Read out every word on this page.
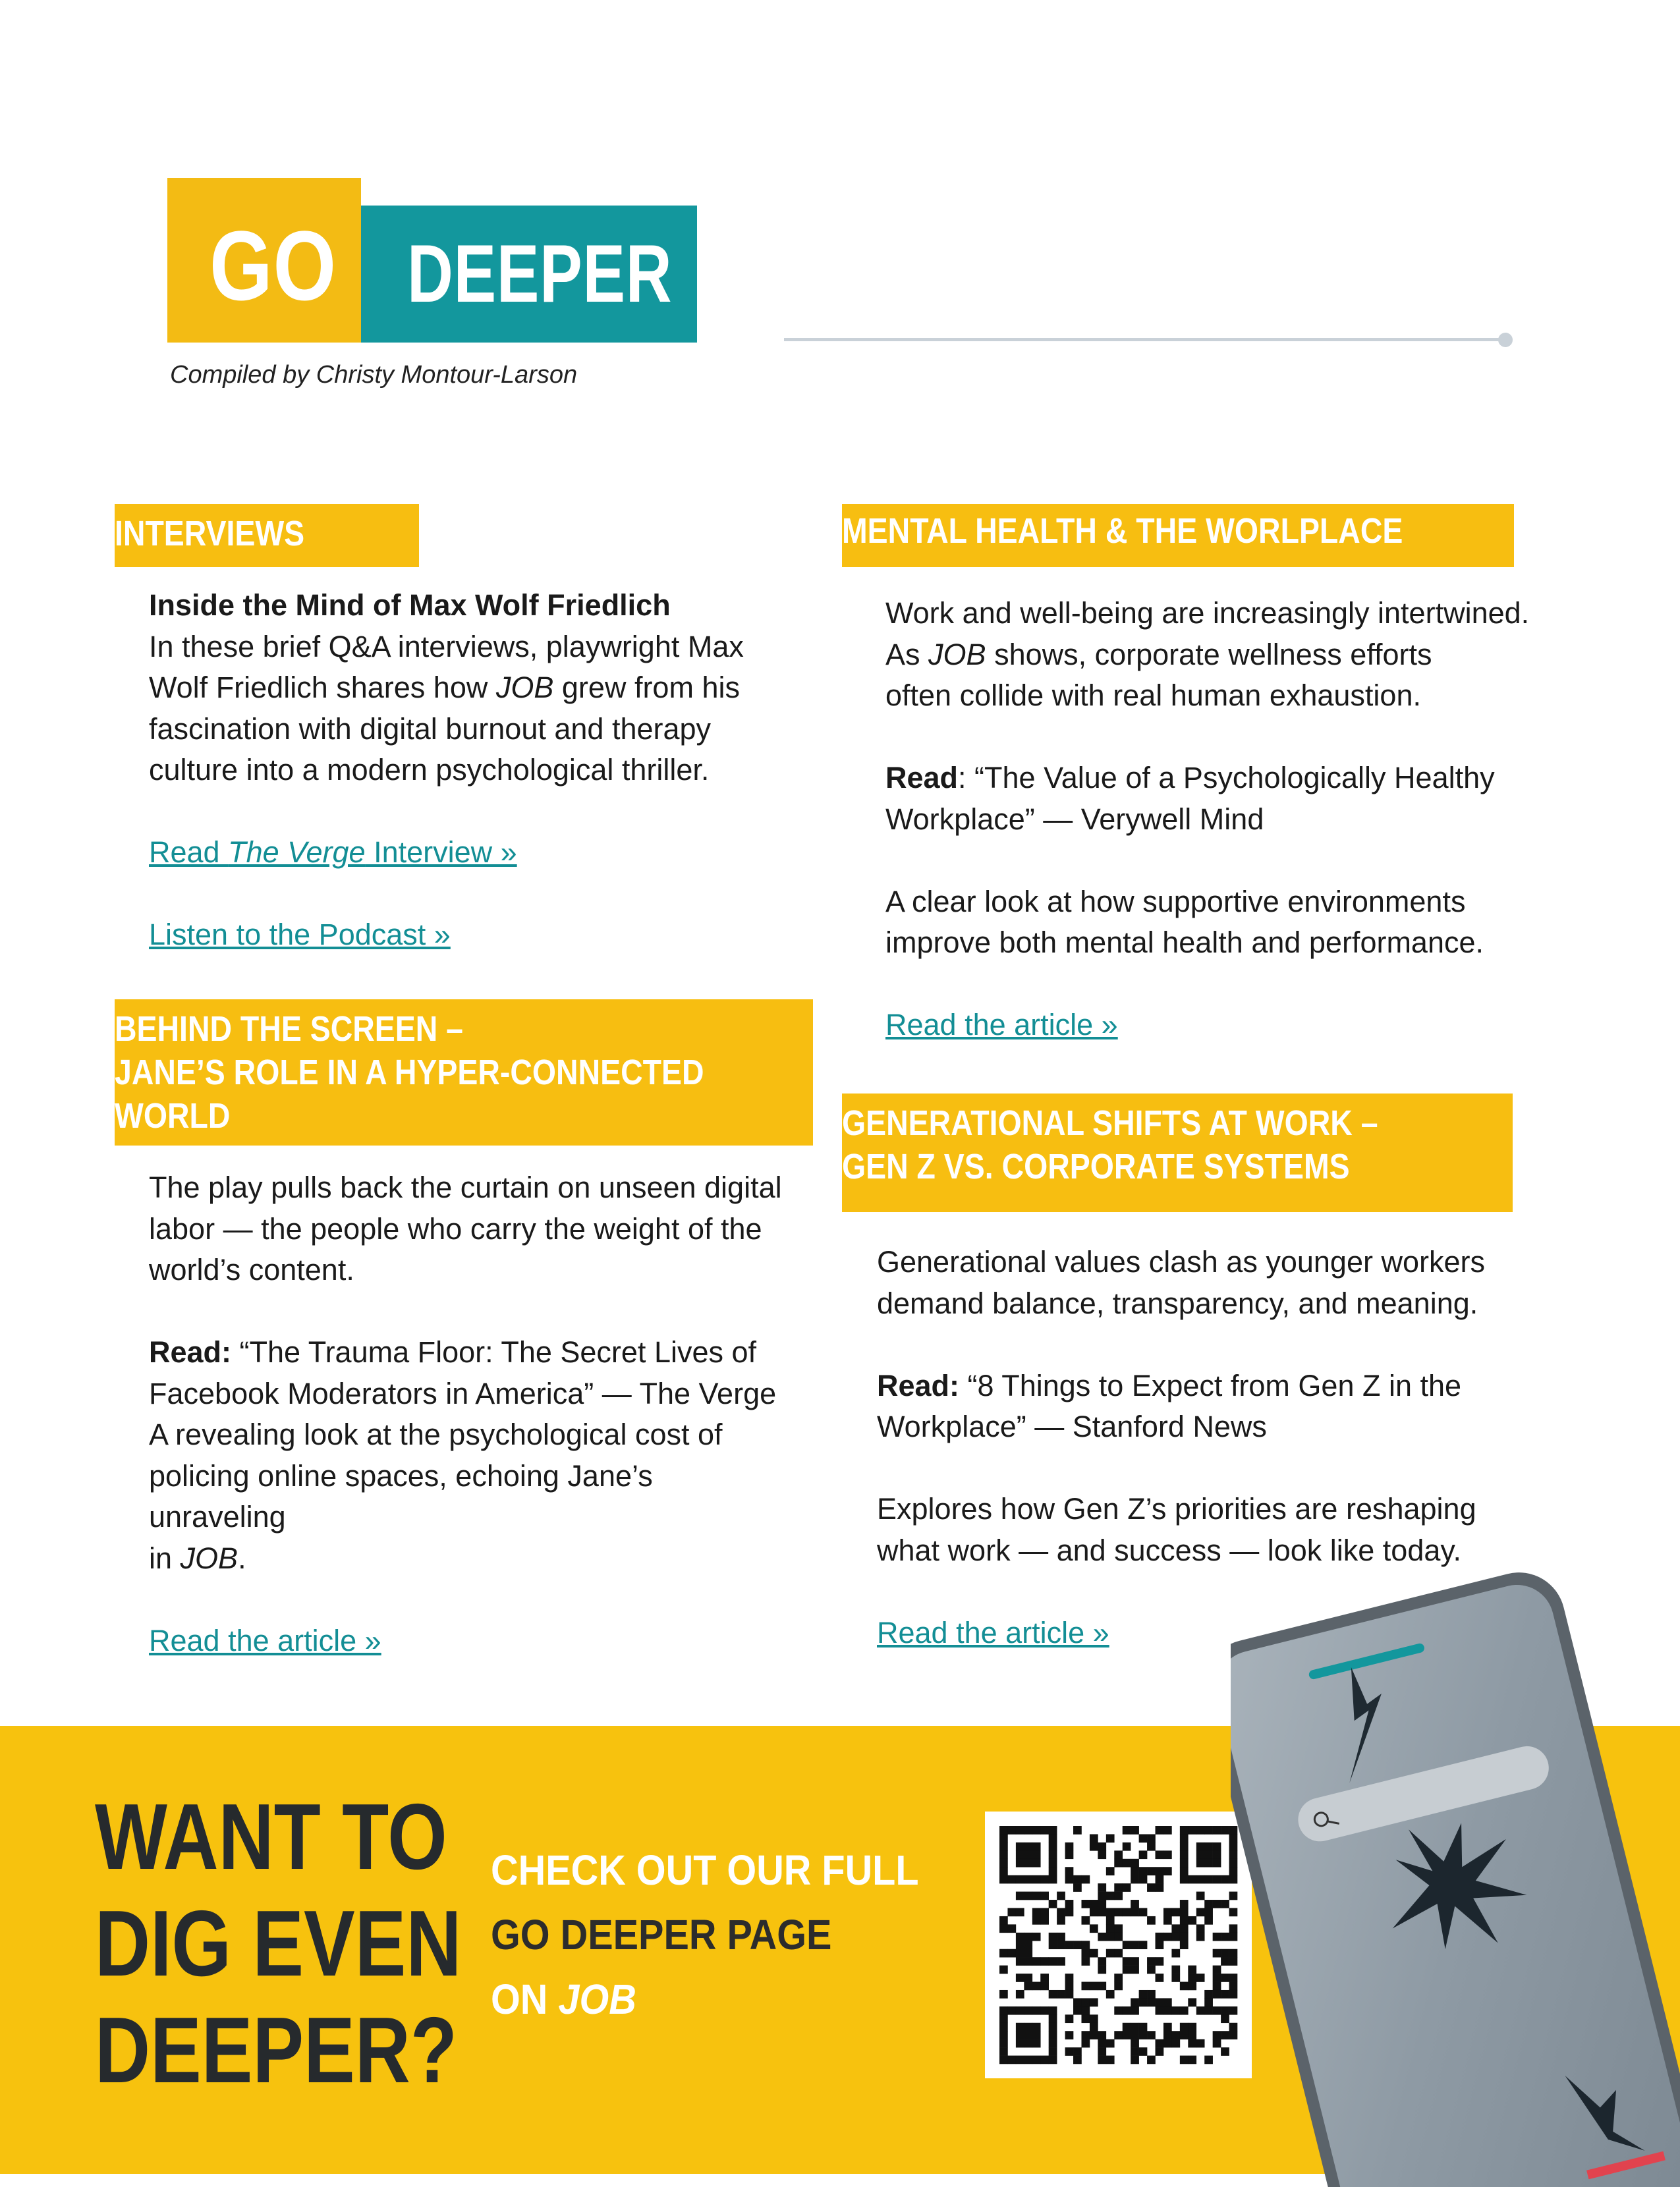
GO DEEPER
Compiled by Christy Montour-Larson
INTERVIEWS

Inside the Mind of Max Wolf Friedlich

In these brief Q&A interviews, playwright Max

Wolf Friedlich shares how JOB grew from his

fascination with digital burnout and therapy

culture into a modern psychological thriller.

Read The Verge Interview »

Listen to the Podcast »

BEHIND THE SCREEN –
JANE’S ROLE IN A HYPER-CONNECTED
WORLD

The play pulls back the curtain on unseen digital

labor — the people who carry the weight of the

world’s content.

Read: “The Trauma Floor: The Secret Lives of

Facebook Moderators in America” — The Verge

A revealing look at the psychological cost of

policing online spaces, echoing Jane’s

unraveling

in JOB.

Read the article »

MENTAL HEALTH & THE WORLPLACE

Work and well-being are increasingly intertwined.

As JOB shows, corporate wellness efforts

often collide with real human exhaustion.

Read: “The Value of a Psychologically Healthy

Workplace” — Verywell Mind

A clear look at how supportive environments

improve both mental health and performance.

Read the article »

GENERATIONAL SHIFTS AT WORK –
GEN Z VS. CORPORATE SYSTEMS

Generational values clash as younger workers

demand balance, transparency, and meaning.

Read: “8 Things to Expect from Gen Z in the

Workplace” — Stanford News

Explores how Gen Z’s priorities are reshaping

what work — and success — look like today.

Read the article »

WANT TO
DIG EVEN
DEEPER?
CHECK OUT OUR FULL
GO DEEPER PAGE
ON JOB
